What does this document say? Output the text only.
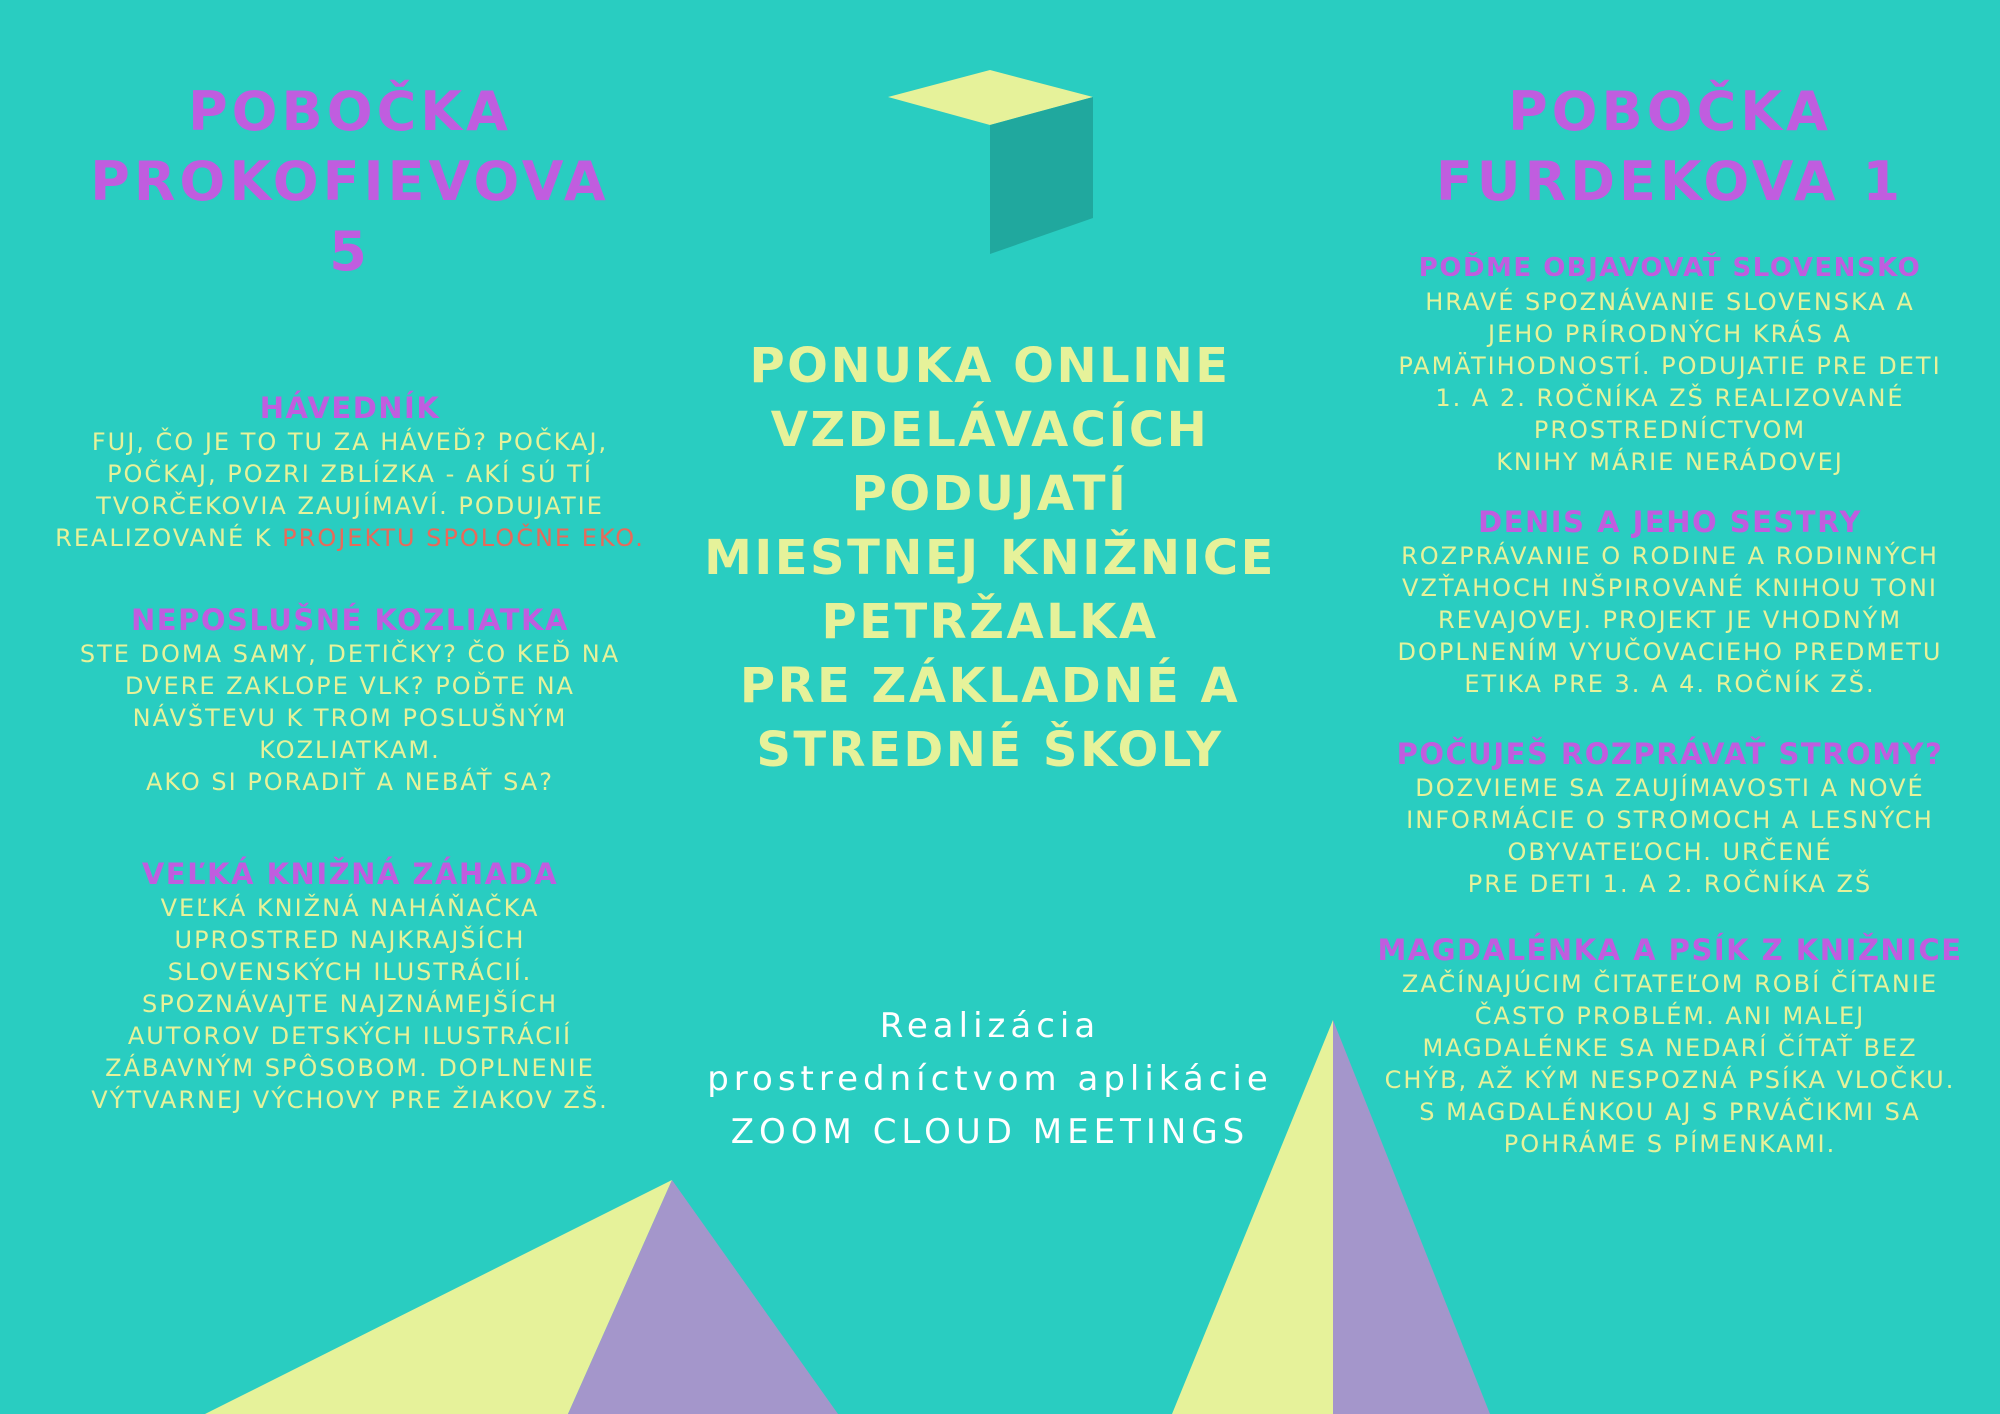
POBOČKA PROKOFIEVOVA 5
HÁVEDNÍK

FUJ, ČO JE TO TU ZA HÁVEĎ? POČKAJ,
POČKAJ, POZRI ZBLÍZKA - AKÍ SÚ TÍ
TVORČEKOVIA ZAUJÍMAVÍ. PODUJATIE
REALIZOVANÉ K PROJEKTU SPOLOČNE EKO.

NEPOSLUŠNÉ KOZLIATKA

STE DOMA SAMY, DETIČKY? ČO KEĎ NA
DVERE ZAKLOPE VLK? POĎTE NA
NÁVŠTEVU K TROM POSLUŠNÝM
KOZLIATKAM.
AKO SI PORADIŤ A NEBÁŤ SA?

VEĽKÁ KNIŽNÁ ZÁHADA

VEĽKÁ KNIŽNÁ NAHÁŇAČKA
UPROSTRED NAJKRAJŠÍCH
SLOVENSKÝCH ILUSTRÁCIÍ.
SPOZNÁVAJTE NAJZNÁMEJŠÍCH
AUTOROV DETSKÝCH ILUSTRÁCIÍ
ZÁBAVNÝM SPÔSOBOM. DOPLNENIE
VÝTVARNEJ VÝCHOVY PRE ŽIAKOV ZŠ.

PONUKA ONLINE
VZDELÁVACÍCH
PODUJATÍ
MIESTNEJ KNIŽNICE
PETRŽALKA
PRE ZÁKLADNÉ A
STREDNÉ ŠKOLY

Realizácia
prostredníctvom aplikácie
ZOOM CLOUD MEETINGS

POBOČKA FURDEKOVA 1
POĎME OBJAVOVAŤ SLOVENSKO

HRAVÉ SPOZNÁVANIE SLOVENSKA A
JEHO PRÍRODNÝCH KRÁS A
PAMÄTIHODNOSTÍ. PODUJATIE PRE DETI
1. A 2. ROČNÍKA ZŠ REALIZOVANÉ
PROSTREDNÍCTVOM
KNIHY MÁRIE NERÁDOVEJ

DENIS A JEHO SESTRY

ROZPRÁVANIE O RODINE A RODINNÝCH
VZŤAHOCH INŠPIROVANÉ KNIHOU TONI
REVAJOVEJ. PROJEKT JE VHODNÝM
DOPLNENÍM VYUČOVACIEHO PREDMETU
ETIKA PRE 3. A 4. ROČNÍK ZŠ.

POČUJEŠ ROZPRÁVAŤ STROMY?

DOZVIEME SA ZAUJÍMAVOSTI A NOVÉ
INFORMÁCIE O STROMOCH A LESNÝCH
OBYVATEĽOCH. URČENÉ
PRE DETI 1. A 2. ROČNÍKA ZŠ

MAGDALÉNKA A PSÍK Z KNIŽNICE

ZAČÍNAJÚCIM ČITATEĽOM ROBÍ ČÍTANIE
ČASTO PROBLÉM. ANI MALEJ
MAGDALÉNKE SA NEDARÍ ČÍTAŤ BEZ
CHÝB, AŽ KÝM NESPOZNÁ PSÍKA VLOČKU.
S MAGDALÉNKOU AJ S PRVÁČIKMI SA
POHRÁME S PÍMENKAMI.
